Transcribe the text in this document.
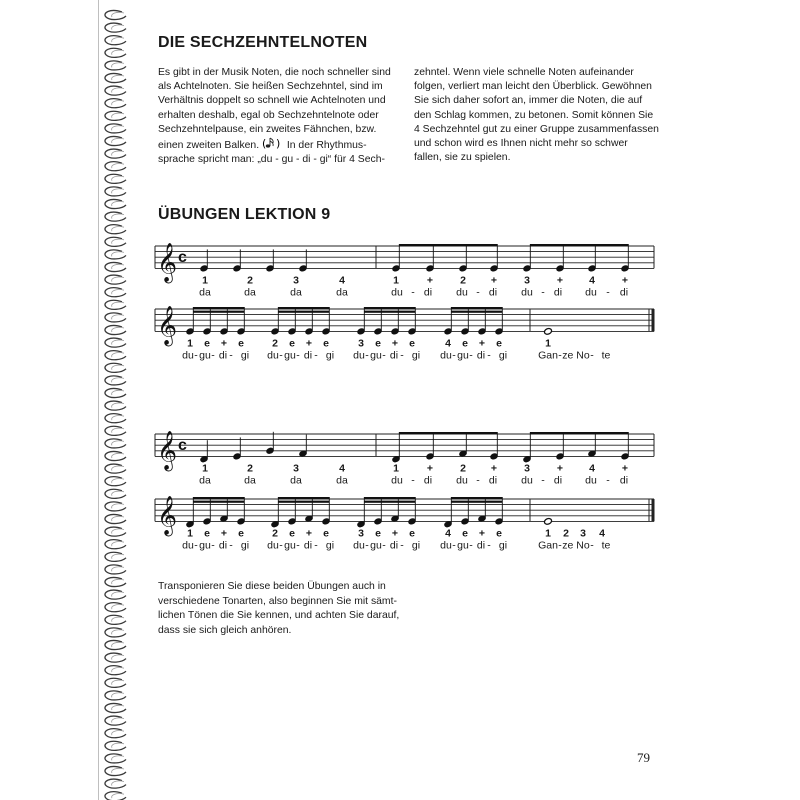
DIE SECHZEHNTELNOTEN
Es gibt in der Musik Noten, die noch schneller sind
als Achtelnoten. Sie heißen Sechzehntel, sind im
Verhältnis doppelt so schnell wie Achtelnoten und
erhalten deshalb, egal ob Sechzehntelnote oder
Sechzehntelpause, ein zweites Fähnchen, bzw.
einen zweiten Balken. ( ) In der Rhythmus-
sprache spricht man: „du - gu - di - gi“ für 4 Sech-
zehntel. Wenn viele schnelle Noten aufeinander
folgen, verliert man leicht den Überblick. Gewöhnen
Sie sich daher sofort an, immer die Noten, die auf
den Schlag kommen, zu betonen. Somit können Sie
4 Sechzehntel gut zu einer Gruppe zusammenfassen
und schon wird es Ihnen nicht mehr so schwer
fallen, sie zu spielen.
ÜBUNGEN LEKTION 9
𝄞 c
1	2	3	4	1	+	2 +	3	+ 4	+
da	da	da	da	du - di du - di du - di du - di
𝄞 1 e + e	2 e + e	3 e + e	4 e + e	1
du - gu - di - gi du - gu - di - gi du - gu - di - gi du - gu - di - gi	Gan - ze No - te
𝄞 c
1	2	3	4	1	+	2 +	3	+ 4	+
da	da	da	da	du - di du - di du - di du - di
𝄞 1 e + e	2 e + e	3 e + e	4 e + e	1 2 3 4
du - gu - di - gi du - gu - di - gi du - gu - di - gi du - gu - di - gi	Gan - ze No - te
Transponieren Sie diese beiden Übungen auch in
verschiedene Tonarten, also beginnen Sie mit sämt-
lichen Tönen die Sie kennen, und achten Sie darauf,
dass sie sich gleich anhören.
79
